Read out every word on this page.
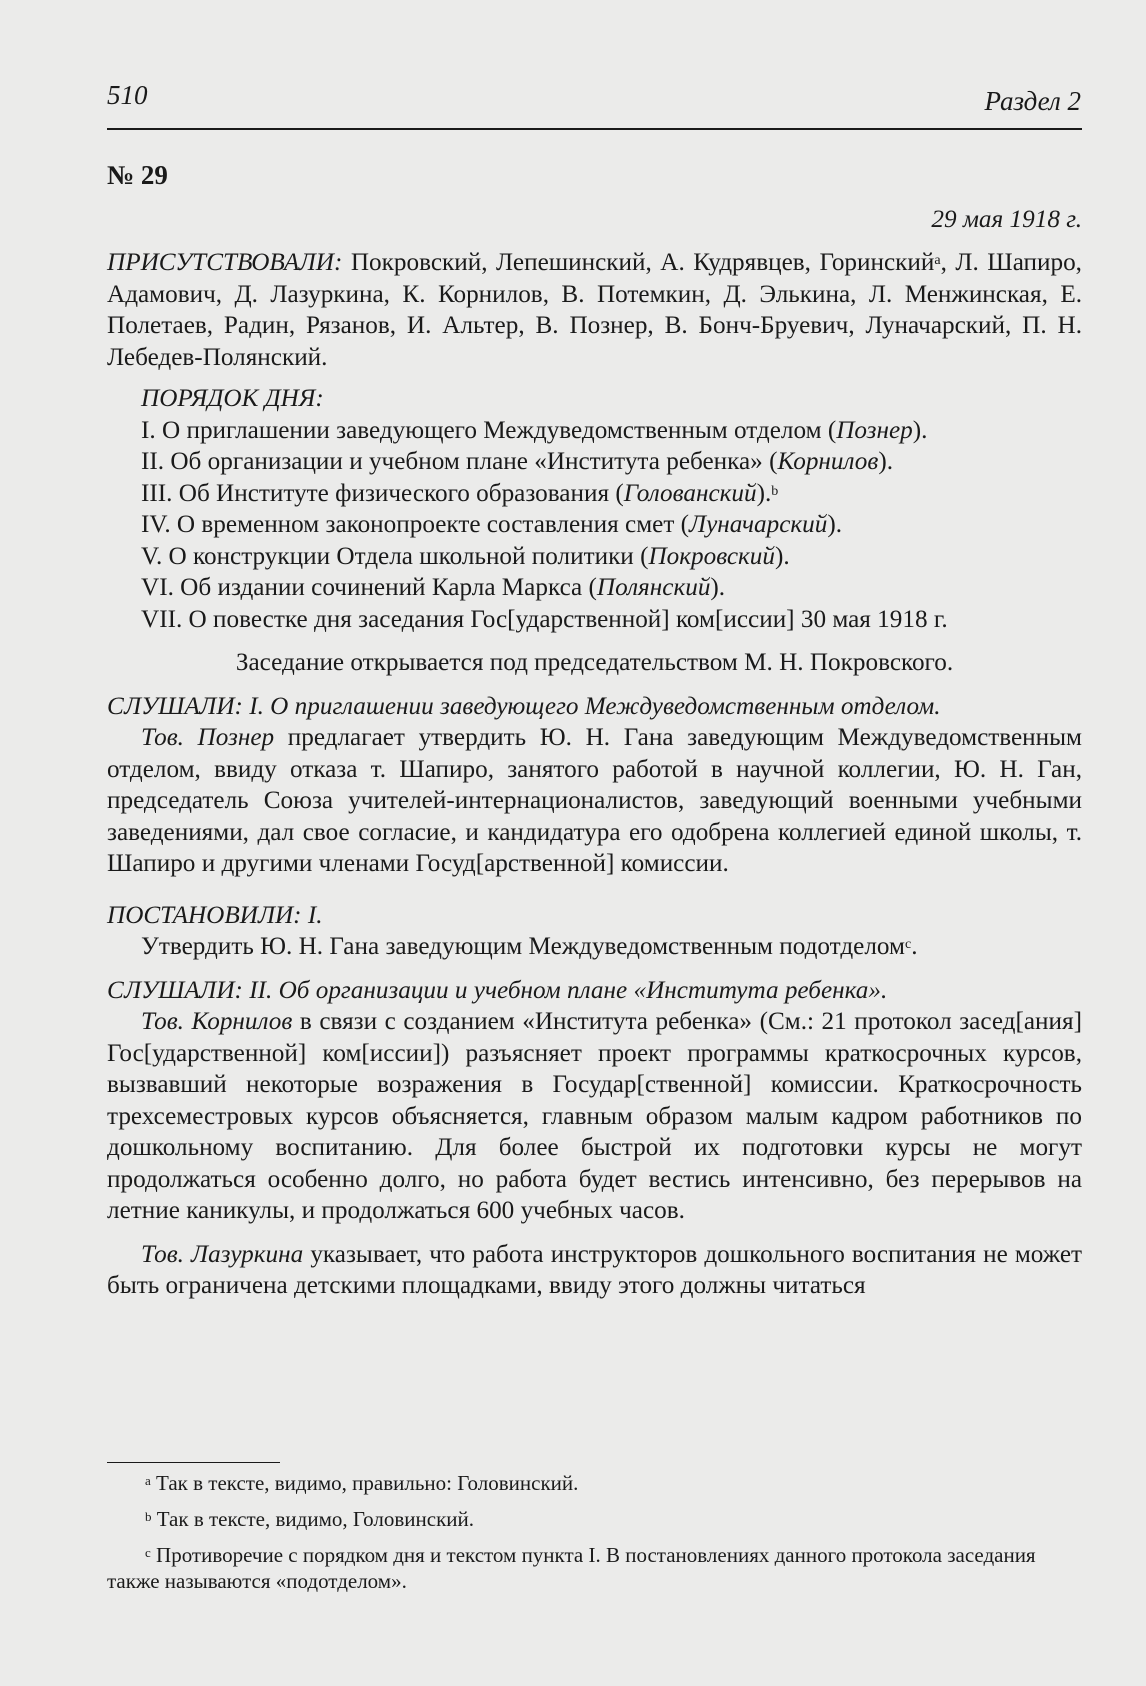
510	Раздел 2

№ 29

29 мая 1918 г.

ПРИСУТСТВОВАЛИ: Покровский, Лепешинский, А. Кудрявцев, Горинский$^a$, Л. Шапиро, Адамович, Д. Лазуркина, К. Корнилов, В. Потемкин, Д. Элькина, Л. Менжинская, Е. Полетаев, Радин, Рязанов, И. Альтер, В. Познер, В. Бонч-Бруевич, Луначарский, П. Н. Лебедев-Полянский.

ПОРЯДОК ДНЯ:

I. О приглашении заведующего Междуведомственным отделом (Познер).

II. Об организации и учебном плане «Института ребенка» (Корнилов).

III. Об Институте физического образования (Голованский).$^b$

IV. О временном законопроекте составления смет (Луначарский).

V. О конструкции Отдела школьной политики (Покровский).

VI. Об издании сочинений Карла Маркса (Полянский).

VII. О повестке дня заседания Гос[ударственной] ком[иссии] 30 мая 1918 г.

Заседание открывается под председательством М. Н. Покровского.

СЛУШАЛИ: I. О приглашении заведующего Междуведомственным отделом.

Тов. Познер предлагает утвердить Ю. Н. Гана заведующим Междуведомственным отделом, ввиду отказа т. Шапиро, занятого работой в научной коллегии, Ю. Н. Ган, председатель Союза учителей-интернационалистов, заведующий военными учебными заведениями, дал свое согласие, и кандидатура его одобрена коллегией единой школы, т. Шапиро и другими членами Госуд[арственной] комиссии.

ПОСТАНОВИЛИ: I.

Утвердить Ю. Н. Гана заведующим Междуведомственным подотделом$^c$.

СЛУШАЛИ: II. Об организации и учебном плане «Института ребенка».

Тов. Корнилов в связи с созданием «Института ребенка» (См.: 21 протокол засед[ания] Гос[ударственной] ком[иссии]) разъясняет проект программы краткосрочных курсов, вызвавший некоторые возражения в Государ[ственной] комиссии. Краткосрочность трехсеместровых курсов объясняется, главным образом малым кадром работников по дошкольному воспитанию. Для более быстрой их подготовки курсы не могут продолжаться особенно долго, но работа будет вестись интенсивно, без перерывов на летние каникулы, и продолжаться 600 учебных часов.

Тов. Лазуркина указывает, что работа инструкторов дошкольного воспитания не может быть ограничена детскими площадками, ввиду этого должны читаться

$^a$ Так в тексте, видимо, правильно: Головинский.

$^b$ Так в тексте, видимо, Головинский.

$^c$ Противоречие с порядком дня и текстом пункта I. В постановлениях данного протокола заседания также называются «подотделом».
